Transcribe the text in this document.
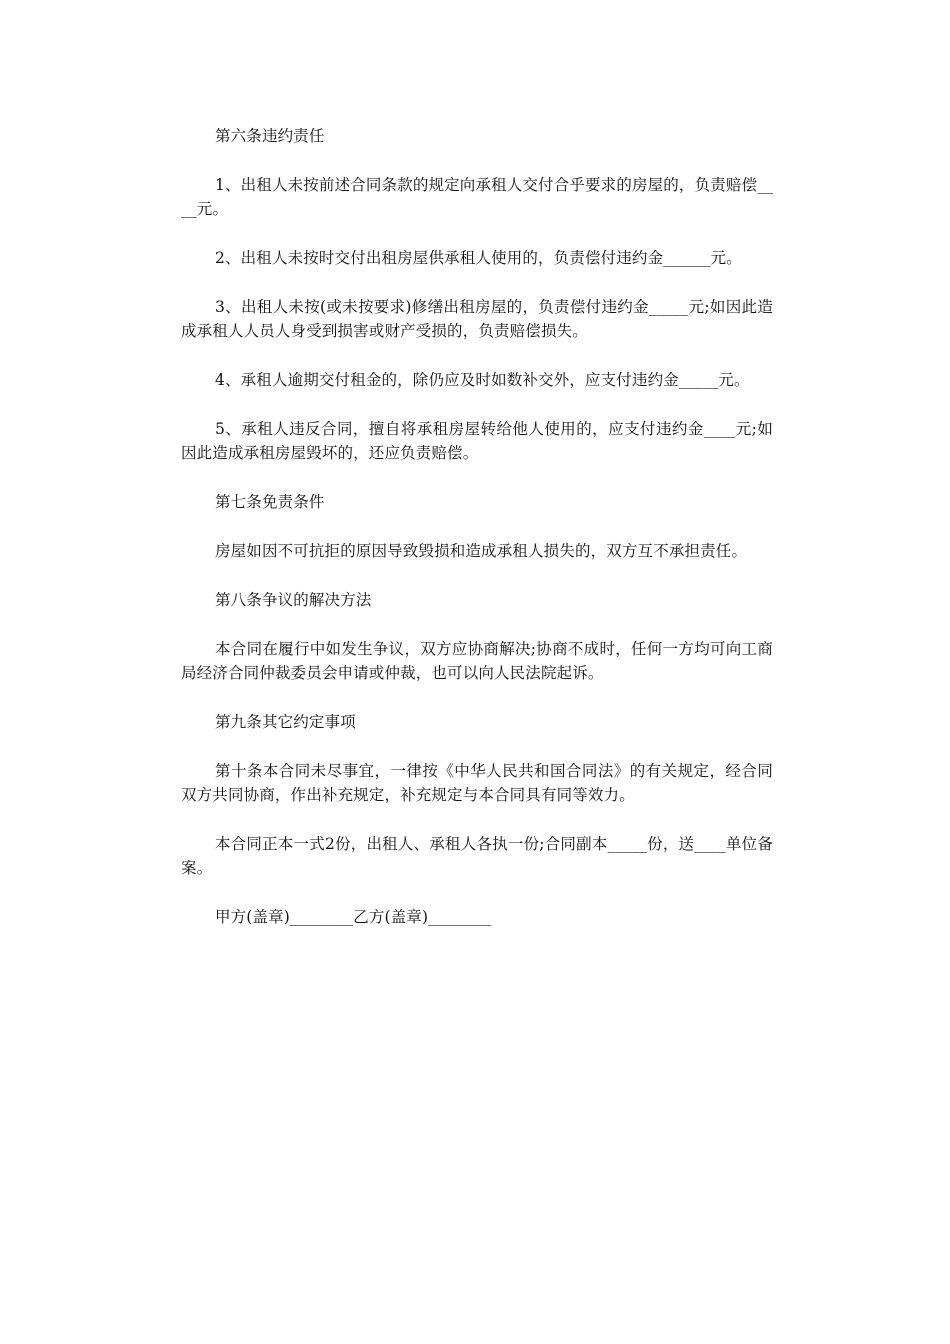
第六条违约责任

1、出租人未按前述合同条款的规定向承租人交付合乎要求的房屋的，负责赔偿____元。

2、出租人未按时交付出租房屋供承租人使用的，负责偿付违约金______元。

3、出租人未按(或未按要求)修缮出租房屋的，负责偿付违约金_____元;如因此造成承租人人员人身受到损害或财产受损的，负责赔偿损失。

4、承租人逾期交付租金的，除仍应及时如数补交外，应支付违约金_____元。

5、承租人违反合同，擅自将承租房屋转给他人使用的，应支付违约金____元;如因此造成承租房屋毁坏的，还应负责赔偿。

第七条免责条件

房屋如因不可抗拒的原因导致毁损和造成承租人损失的，双方互不承担责任。

第八条争议的解决方法

本合同在履行中如发生争议，双方应协商解决;协商不成时，任何一方均可向工商局经济合同仲裁委员会申请或仲裁，也可以向人民法院起诉。

第九条其它约定事项

第十条本合同未尽事宜，一律按《中华人民共和国合同法》的有关规定，经合同双方共同协商，作出补充规定，补充规定与本合同具有同等效力。

本合同正本一式2份，出租人、承租人各执一份;合同副本_____份，送____单位备案。

甲方(盖章)________乙方(盖章)________
